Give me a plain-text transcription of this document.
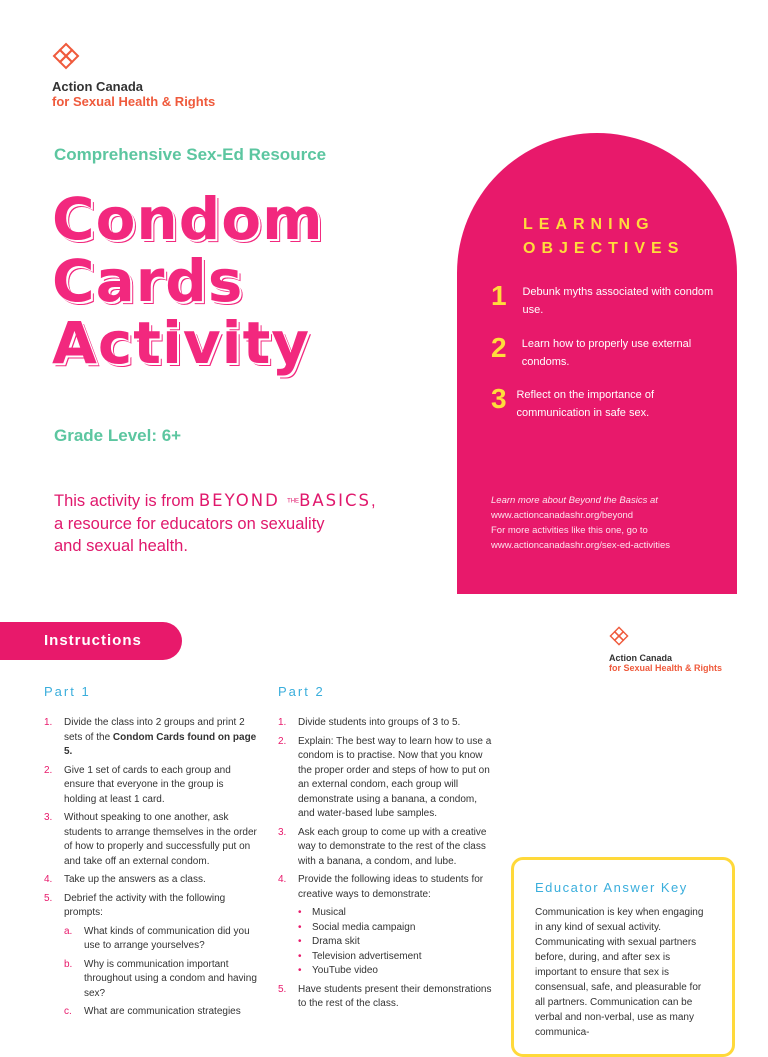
Action Canada
for Sexual Health & Rights
Comprehensive Sex-Ed Resource
Condom
Cards
Activity
Grade Level: 6+
This activity is from BEYOND THEBASICS,
a resource for educators on sexuality
and sexual health.
LEARNING
OBJECTIVES
1	Debunk myths associated with condom use.
2	Learn how to properly use external condoms.
3 Reflect on the importance of communication in safe sex.
Learn more about Beyond the Basics at
www.actioncanadashr.org/beyond
For more activities like this one, go to
www.actioncanadashr.org/sex-ed-activities
Instructions
Action Canada
for Sexual Health & Rights
Part 1
1. Divide the class into 2 groups and print 2 sets of the Condom Cards found on page 5.
2. Give 1 set of cards to each group and ensure that everyone in the group is holding at least 1 card.
3. Without speaking to one another, ask students to arrange themselves in the order of how to properly and successfully put on and take off an external condom.
4. Take up the answers as a class.
5. Debrief the activity with the following prompts:
a. What kinds of communication did you use to arrange yourselves?
b. Why is communication important throughout using a condom and having sex?
c. What are communication strategies
Part 2
1. Divide students into groups of 3 to 5.
2. Explain: The best way to learn how to use a condom is to practise. Now that you know the proper order and steps of how to put on an external condom, each group will demonstrate using a banana, a condom, and water-based lube samples.
3. Ask each group to come up with a creative way to demonstrate to the rest of the class with a banana, a condom, and lube.
4. Provide the following ideas to students for creative ways to demonstrate:
• Musical
• Social media campaign
• Drama skit
• Television advertisement
• YouTube video
5. Have students present their demonstrations to the rest of the class.
Educator Answer Key
Communication is key when engaging in any kind of sexual activity. Communicating with sexual partners before, during, and after sex is important to ensure that sex is consensual, safe, and pleasurable for all partners. Communication can be verbal and non-verbal, use as many communica-
